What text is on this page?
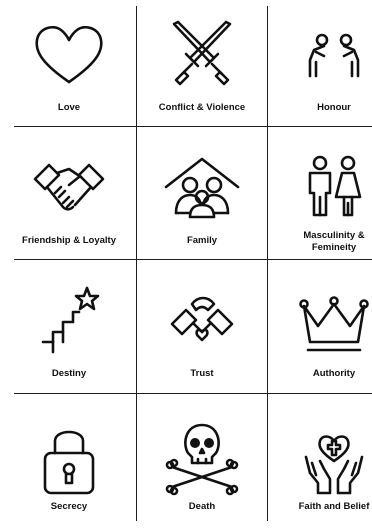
Love	Conflict & Violence	Honour
Friendship & Loyalty	Family	Masculinity & Femineity
Destiny	Trust	Authority
Secrecy	Death	Faith and Belief
